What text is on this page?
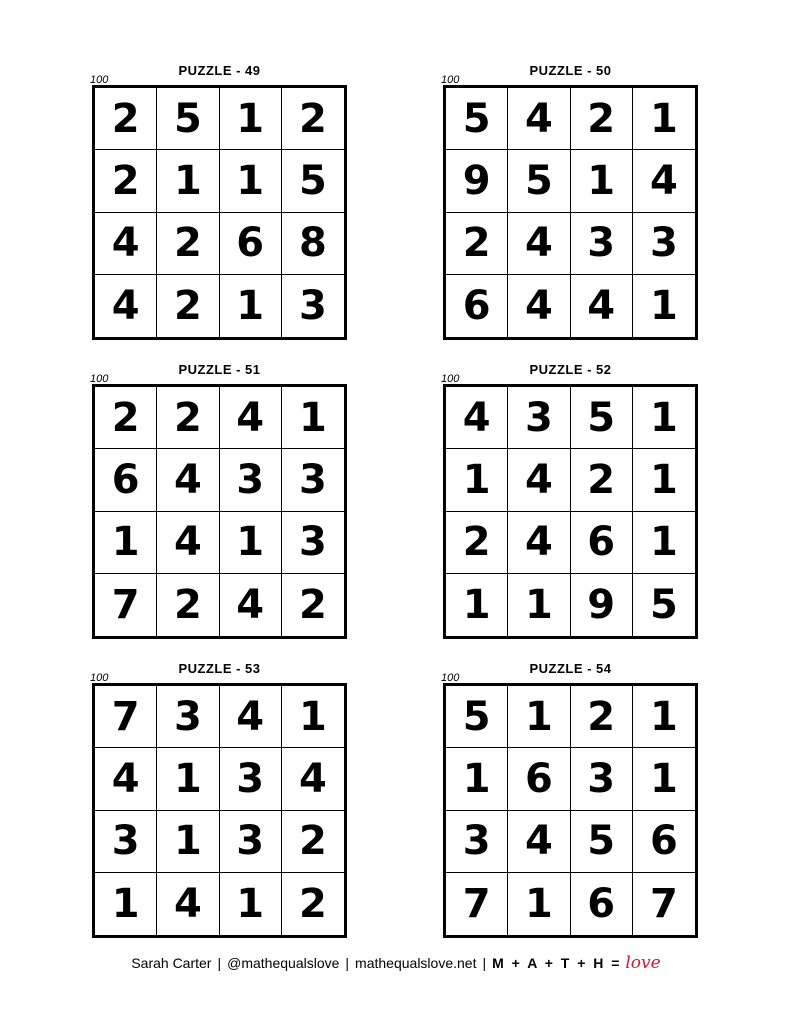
PUZZLE - 49
100
2 5 1 2
2 1 1 5
4 2 6 8
4 2 1 3
PUZZLE - 50
100
5 4 2 1
9 5 1 4
2 4 3 3
6 4 4 1
PUZZLE - 51
100
2 2 4 1
6 4 3 3
1 4 1 3
7 2 4 2
PUZZLE - 52
100
4 3 5 1
1 4 2 1
2 4 6 1
1 1 9 5
PUZZLE - 53
100
7 3 4 1
4 1 3 4
3 1 3 2
1 4 1 2
PUZZLE - 54
100
5 1 2 1
1 6 3 1
3 4 5 6
7 1 6 7
Sarah Carter | @mathequalslove | mathequalslove.net | M + A + T + H = love
